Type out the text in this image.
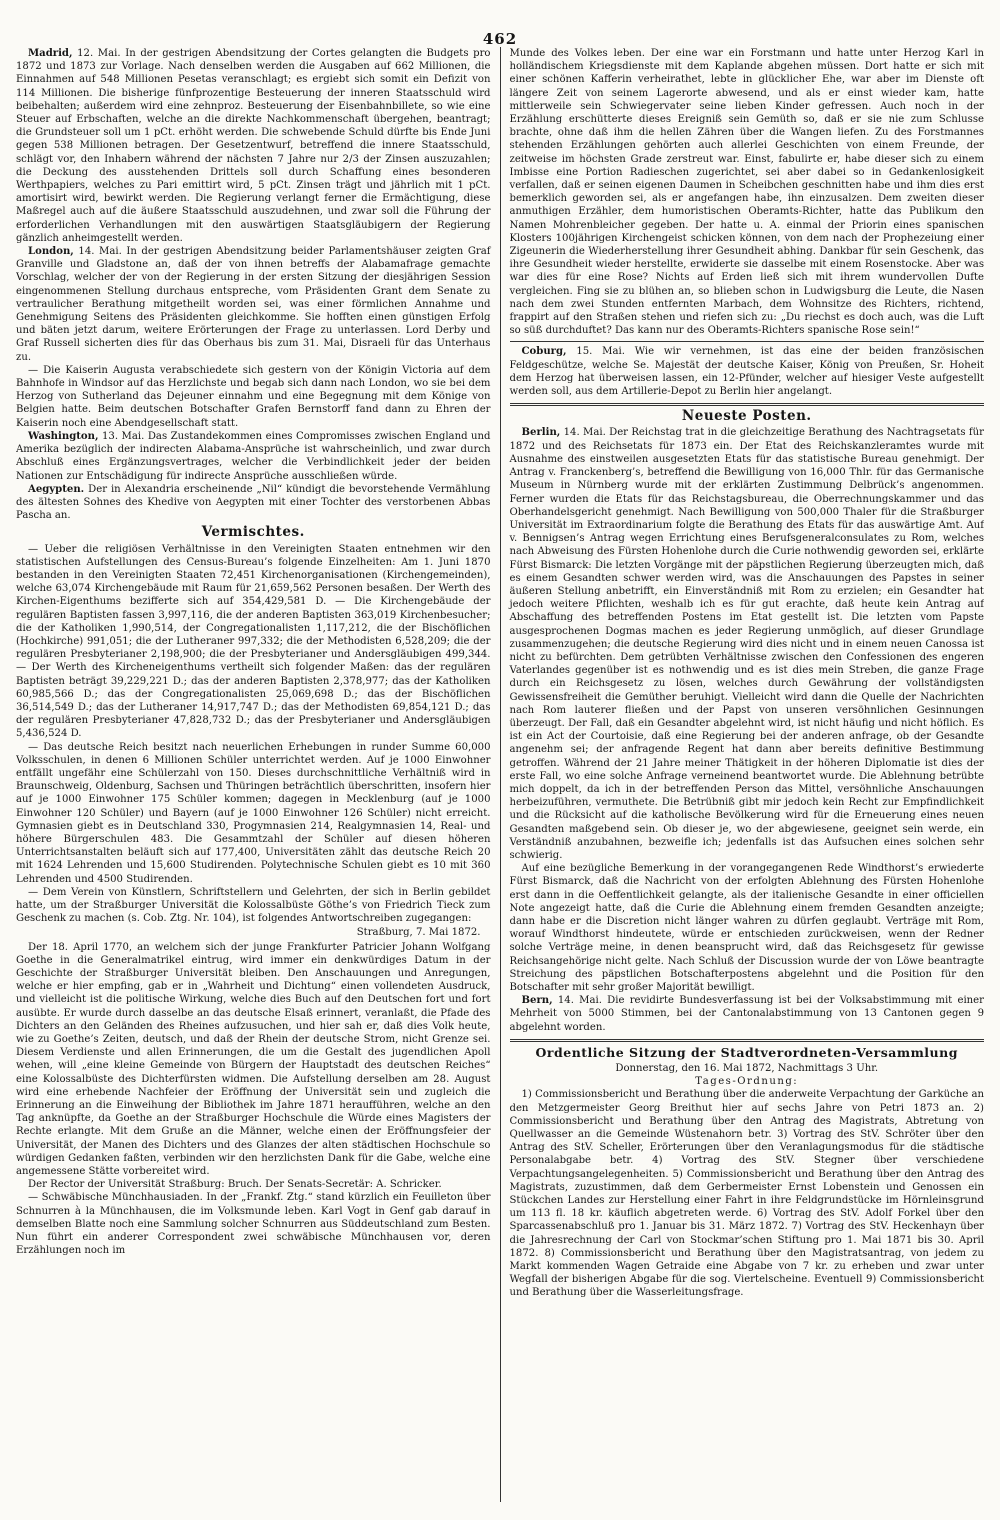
462

Madrid, 12. Mai. In der gestrigen Abendsitzung der Cortes gelangten die Budgets pro 1872 und 1873 zur Vorlage. Nach denselben werden die Ausgaben auf 662 Millionen, die Einnahmen auf 548 Millionen Pesetas veranschlagt; es ergiebt sich somit ein Defizit von 114 Millionen. Die bisherige fünfprozentige Besteuerung der inneren Staatsschuld wird beibehalten; außerdem wird eine zehnproz. Besteuerung der Eisenbahnbillete, so wie eine Steuer auf Erbschaften, welche an die direkte Nachkommenschaft übergehen, beantragt; die Grundsteuer soll um 1 pCt. erhöht werden. Die schwebende Schuld dürfte bis Ende Juni gegen 538 Millionen betragen. Der Gesetzentwurf, betreffend die innere Staatsschuld, schlägt vor, den Inhabern während der nächsten 7 Jahre nur 2/3 der Zinsen auszuzahlen; die Deckung des ausstehenden Drittels soll durch Schaffung eines besonderen Werthpapiers, welches zu Pari emittirt wird, 5 pCt. Zinsen trägt und jährlich mit 1 pCt. amortisirt wird, bewirkt werden. Die Regierung verlangt ferner die Ermächtigung, diese Maßregel auch auf die äußere Staatsschuld auszudehnen, und zwar soll die Führung der erforderlichen Verhandlungen mit den auswärtigen Staatsgläubigern der Regierung gänzlich anheimgestellt werden.

London, 14. Mai. In der gestrigen Abendsitzung beider Parlamentshäuser zeigten Graf Granville und Gladstone an, daß der von ihnen betreffs der Alabamafrage gemachte Vorschlag, welcher der von der Regierung in der ersten Sitzung der diesjährigen Session eingenommenen Stellung durchaus entspreche, vom Präsidenten Grant dem Senate zu vertraulicher Berathung mitgetheilt worden sei, was einer förmlichen Annahme und Genehmigung Seitens des Präsidenten gleichkomme. Sie hofften einen günstigen Erfolg und bäten jetzt darum, weitere Erörterungen der Frage zu unterlassen. Lord Derby und Graf Russell sicherten dies für das Oberhaus bis zum 31. Mai, Disraeli für das Unterhaus zu.

— Die Kaiserin Augusta verabschiedete sich gestern von der Königin Victoria auf dem Bahnhofe in Windsor auf das Herzlichste und begab sich dann nach London, wo sie bei dem Herzog von Sutherland das Dejeuner einnahm und eine Begegnung mit dem Könige von Belgien hatte. Beim deutschen Botschafter Grafen Bernstorff fand dann zu Ehren der Kaiserin noch eine Abendgesellschaft statt.

Washington, 13. Mai. Das Zustandekommen eines Compromisses zwischen England und Amerika bezüglich der indirecten Alabama-Ansprüche ist wahrscheinlich, und zwar durch Abschluß eines Ergänzungsvertrages, welcher die Verbindlichkeit jeder der beiden Nationen zur Entschädigung für indirecte Ansprüche ausschließen würde.

Aegypten. Der in Alexandria erscheinende „Nil“ kündigt die bevorstehende Vermählung des ältesten Sohnes des Khedive von Aegypten mit einer Tochter des verstorbenen Abbas Pascha an.

Vermischtes.

— Ueber die religiösen Verhältnisse in den Vereinigten Staaten entnehmen wir den statistischen Aufstellungen des Census-Bureau’s folgende Einzelheiten: Am 1. Juni 1870 bestanden in den Vereinigten Staaten 72,451 Kirchenorganisationen (Kirchengemeinden), welche 63,074 Kirchengebäude mit Raum für 21,659,562 Personen besaßen. Der Werth des Kirchen-Eigenthums bezifferte sich auf 354,429,581 D. — Die Kirchengebäude der regulären Baptisten fassen 3,997,116, die der anderen Baptisten 363,019 Kirchenbesucher; die der Katholiken 1,990,514, der Congregationalisten 1,117,212, die der Bischöflichen (Hochkirche) 991,051; die der Lutheraner 997,332; die der Methodisten 6,528,209; die der regulären Presbyterianer 2,198,900; die der Presbyterianer und Andersgläubigen 499,344. — Der Werth des Kircheneigenthums vertheilt sich folgender Maßen: das der regulären Baptisten beträgt 39,229,221 D.; das der anderen Baptisten 2,378,977; das der Katholiken 60,985,566 D.; das der Congregationalisten 25,069,698 D.; das der Bischöflichen 36,514,549 D.; das der Lutheraner 14,917,747 D.; das der Methodisten 69,854,121 D.; das der regulären Presbyterianer 47,828,732 D.; das der Presbyterianer und Andersgläubigen 5,436,524 D.

— Das deutsche Reich besitzt nach neuerlichen Erhebungen in runder Summe 60,000 Volksschulen, in denen 6 Millionen Schüler unterrichtet werden. Auf je 1000 Einwohner entfällt ungefähr eine Schülerzahl von 150. Dieses durchschnittliche Verhältniß wird in Braunschweig, Oldenburg, Sachsen und Thüringen beträchtlich überschritten, insofern hier auf je 1000 Einwohner 175 Schüler kommen; dagegen in Mecklenburg (auf je 1000 Einwohner 120 Schüler) und Bayern (auf je 1000 Einwohner 126 Schüler) nicht erreicht. Gymnasien giebt es in Deutschland 330, Progymnasien 214, Realgymnasien 14, Real- und höhere Bürgerschulen 483. Die Gesammtzahl der Schüler auf diesen höheren Unterrichtsanstalten beläuft sich auf 177,400, Universitäten zählt das deutsche Reich 20 mit 1624 Lehrenden und 15,600 Studirenden. Polytechnische Schulen giebt es 10 mit 360 Lehrenden und 4500 Studirenden.

— Dem Verein von Künstlern, Schriftstellern und Gelehrten, der sich in Berlin gebildet hatte, um der Straßburger Universität die Kolossalbüste Göthe’s von Friedrich Tieck zum Geschenk zu machen (s. Cob. Ztg. Nr. 104), ist folgendes Antwortschreiben zugegangen:

Straßburg, 7. Mai 1872.

Der 18. April 1770, an welchem sich der junge Frankfurter Patricier Johann Wolfgang Goethe in die Generalmatrikel eintrug, wird immer ein denkwürdiges Datum in der Geschichte der Straßburger Universität bleiben. Den Anschauungen und Anregungen, welche er hier empfing, gab er in „Wahrheit und Dichtung“ einen vollendeten Ausdruck, und vielleicht ist die politische Wirkung, welche dies Buch auf den Deutschen fort und fort ausübte. Er wurde durch dasselbe an das deutsche Elsaß erinnert, veranlaßt, die Pfade des Dichters an den Geländen des Rheines aufzusuchen, und hier sah er, daß dies Volk heute, wie zu Goethe’s Zeiten, deutsch, und daß der Rhein der deutsche Strom, nicht Grenze sei. Diesem Verdienste und allen Erinnerungen, die um die Gestalt des jugendlichen Apoll wehen, will „eine kleine Gemeinde von Bürgern der Hauptstadt des deutschen Reiches“ eine Kolossalbüste des Dichterfürsten widmen. Die Aufstellung derselben am 28. August wird eine erhebende Nachfeier der Eröffnung der Universität sein und zugleich die Erinnerung an die Einweihung der Bibliothek im Jahre 1871 heraufführen, welche an den Tag anknüpfte, da Goethe an der Straßburger Hochschule die Würde eines Magisters der Rechte erlangte. Mit dem Gruße an die Männer, welche einen der Eröffnungsfeier der Universität, der Manen des Dichters und des Glanzes der alten städtischen Hochschule so würdigen Gedanken faßten, verbinden wir den herzlichsten Dank für die Gabe, welche eine angemessene Stätte vorbereitet wird.

Der Rector der Universität Straßburg: Bruch. Der Senats-Secretär: A. Schricker.

— Schwäbische Münchhausiaden. In der „Frankf. Ztg.“ stand kürzlich ein Feuilleton über Schnurren à la Münchhausen, die im Volksmunde leben. Karl Vogt in Genf gab darauf in demselben Blatte noch eine Sammlung solcher Schnurren aus Süddeutschland zum Besten. Nun führt ein anderer Correspondent zwei schwäbische Münchhausen vor, deren Erzählungen noch im

Munde des Volkes leben. Der eine war ein Forstmann und hatte unter Herzog Karl in holländischem Kriegsdienste mit dem Kaplande abgehen müssen. Dort hatte er sich mit einer schönen Kafferin verheirathet, lebte in glücklicher Ehe, war aber im Dienste oft längere Zeit von seinem Lagerorte abwesend, und als er einst wieder kam, hatte mittlerweile sein Schwiegervater seine lieben Kinder gefressen. Auch noch in der Erzählung erschütterte dieses Ereigniß sein Gemüth so, daß er sie nie zum Schlusse brachte, ohne daß ihm die hellen Zähren über die Wangen liefen. Zu des Forstmannes stehenden Erzählungen gehörten auch allerlei Geschichten von einem Freunde, der zeitweise im höchsten Grade zerstreut war. Einst, fabulirte er, habe dieser sich zu einem Imbisse eine Portion Radieschen zugerichtet, sei aber dabei so in Gedankenlosigkeit verfallen, daß er seinen eigenen Daumen in Scheibchen geschnitten habe und ihm dies erst bemerklich geworden sei, als er angefangen habe, ihn einzusalzen. Dem zweiten dieser anmuthigen Erzähler, dem humoristischen Oberamts-Richter, hatte das Publikum den Namen Mohrenbleicher gegeben. Der hatte u. A. einmal der Priorin eines spanischen Klosters 100jährigen Kirchengeist schicken können, von dem nach der Prophezeiung einer Zigeunerin die Wiederherstellung ihrer Gesundheit abhing. Dankbar für sein Geschenk, das ihre Gesundheit wieder herstellte, erwiderte sie dasselbe mit einem Rosenstocke. Aber was war dies für eine Rose? Nichts auf Erden ließ sich mit ihrem wundervollen Dufte vergleichen. Fing sie zu blühen an, so blieben schon in Ludwigsburg die Leute, die Nasen nach dem zwei Stunden entfernten Marbach, dem Wohnsitze des Richters, richtend, frappirt auf den Straßen stehen und riefen sich zu: „Du riechst es doch auch, was die Luft so süß durchduftet? Das kann nur des Oberamts-Richters spanische Rose sein!“

Coburg, 15. Mai. Wie wir vernehmen, ist das eine der beiden französischen Feldgeschütze, welche Se. Majestät der deutsche Kaiser, König von Preußen, Sr. Hoheit dem Herzog hat überweisen lassen, ein 12-Pfünder, welcher auf hiesiger Veste aufgestellt werden soll, aus dem Artillerie-Depot zu Berlin hier angelangt.

Neueste Posten.

Berlin, 14. Mai. Der Reichstag trat in die gleichzeitige Berathung des Nachtragsetats für 1872 und des Reichsetats für 1873 ein. Der Etat des Reichskanzleramtes wurde mit Ausnahme des einstweilen ausgesetzten Etats für das statistische Bureau genehmigt. Der Antrag v. Franckenberg’s, betreffend die Bewilligung von 16,000 Thlr. für das Germanische Museum in Nürnberg wurde mit der erklärten Zustimmung Delbrück’s angenommen. Ferner wurden die Etats für das Reichstagsbureau, die Oberrechnungskammer und das Oberhandelsgericht genehmigt. Nach Bewilligung von 500,000 Thaler für die Straßburger Universität im Extraordinarium folgte die Berathung des Etats für das auswärtige Amt. Auf v. Bennigsen’s Antrag wegen Errichtung eines Berufsgeneralconsulates zu Rom, welches nach Abweisung des Fürsten Hohenlohe durch die Curie nothwendig geworden sei, erklärte Fürst Bismarck: Die letzten Vorgänge mit der päpstlichen Regierung überzeugten mich, daß es einem Gesandten schwer werden wird, was die Anschauungen des Papstes in seiner äußeren Stellung anbetrifft, ein Einverständniß mit Rom zu erzielen; ein Gesandter hat jedoch weitere Pflichten, weshalb ich es für gut erachte, daß heute kein Antrag auf Abschaffung des betreffenden Postens im Etat gestellt ist. Die letzten vom Papste ausgesprochenen Dogmas machen es jeder Regierung unmöglich, auf dieser Grundlage zusammenzugehen; die deutsche Regierung wird dies nicht und in einem neuen Canossa ist nicht zu befürchten. Dem getrübten Verhältnisse zwischen den Confessionen des engeren Vaterlandes gegenüber ist es nothwendig und es ist dies mein Streben, die ganze Frage durch ein Reichsgesetz zu lösen, welches durch Gewährung der vollständigsten Gewissensfreiheit die Gemüther beruhigt. Vielleicht wird dann die Quelle der Nachrichten nach Rom lauterer fließen und der Papst von unseren versöhnlichen Gesinnungen überzeugt. Der Fall, daß ein Gesandter abgelehnt wird, ist nicht häufig und nicht höflich. Es ist ein Act der Courtoisie, daß eine Regierung bei der anderen anfrage, ob der Gesandte angenehm sei; der anfragende Regent hat dann aber bereits definitive Bestimmung getroffen. Während der 21 Jahre meiner Thätigkeit in der höheren Diplomatie ist dies der erste Fall, wo eine solche Anfrage verneinend beantwortet wurde. Die Ablehnung betrübte mich doppelt, da ich in der betreffenden Person das Mittel, versöhnliche Anschauungen herbeizuführen, vermuthete. Die Betrübniß gibt mir jedoch kein Recht zur Empfindlichkeit und die Rücksicht auf die katholische Bevölkerung wird für die Erneuerung eines neuen Gesandten maßgebend sein. Ob dieser je, wo der abgewiesene, geeignet sein werde, ein Verständniß anzubahnen, bezweifle ich; jedenfalls ist das Aufsuchen eines solchen sehr schwierig.

Auf eine bezügliche Bemerkung in der vorangegangenen Rede Windthorst’s erwiederte Fürst Bismarck, daß die Nachricht von der erfolgten Ablehnung des Fürsten Hohenlohe erst dann in die Oeffentlichkeit gelangte, als der italienische Gesandte in einer officiellen Note angezeigt hatte, daß die Curie die Ablehnung einem fremden Gesandten anzeigte; dann habe er die Discretion nicht länger wahren zu dürfen geglaubt. Verträge mit Rom, worauf Windthorst hindeutete, würde er entschieden zurückweisen, wenn der Redner solche Verträge meine, in denen beansprucht wird, daß das Reichsgesetz für gewisse Reichsangehörige nicht gelte. Nach Schluß der Discussion wurde der von Löwe beantragte Streichung des päpstlichen Botschafterpostens abgelehnt und die Position für den Botschafter mit sehr großer Majorität bewilligt.

Bern, 14. Mai. Die revidirte Bundesverfassung ist bei der Volksabstimmung mit einer Mehrheit von 5000 Stimmen, bei der Cantonalabstimmung von 13 Cantonen gegen 9 abgelehnt worden.

Ordentliche Sitzung der Stadtverordneten-Versammlung

Donnerstag, den 16. Mai 1872, Nachmittags 3 Uhr.

Tages-Ordnung:

1) Commissionsbericht und Berathung über die anderweite Verpachtung der Garküche an den Metzgermeister Georg Breithut hier auf sechs Jahre von Petri 1873 an. 2) Commissionsbericht und Berathung über den Antrag des Magistrats, Abtretung von Quellwasser an die Gemeinde Wüstenahorn betr. 3) Vortrag des StV. Schröter über den Antrag des StV. Scheller, Erörterungen über den Veranlagungsmodus für die städtische Personalabgabe betr. 4) Vortrag des StV. Stegner über verschiedene Verpachtungsangelegenheiten. 5) Commissionsbericht und Berathung über den Antrag des Magistrats, zuzustimmen, daß dem Gerbermeister Ernst Lobenstein und Genossen ein Stückchen Landes zur Herstellung einer Fahrt in ihre Feldgrundstücke im Hörnleinsgrund um 113 fl. 18 kr. käuflich abgetreten werde. 6) Vortrag des StV. Adolf Forkel über den Sparcassenabschluß pro 1. Januar bis 31. März 1872. 7) Vortrag des StV. Heckenhayn über die Jahresrechnung der Carl von Stockmar’schen Stiftung pro 1. Mai 1871 bis 30. April 1872. 8) Commissionsbericht und Berathung über den Magistratsantrag, von jedem zu Markt kommenden Wagen Getraide eine Abgabe von 7 kr. zu erheben und zwar unter Wegfall der bisherigen Abgabe für die sog. Viertelscheine. Eventuell 9) Commissionsbericht und Berathung über die Wasserleitungsfrage.
